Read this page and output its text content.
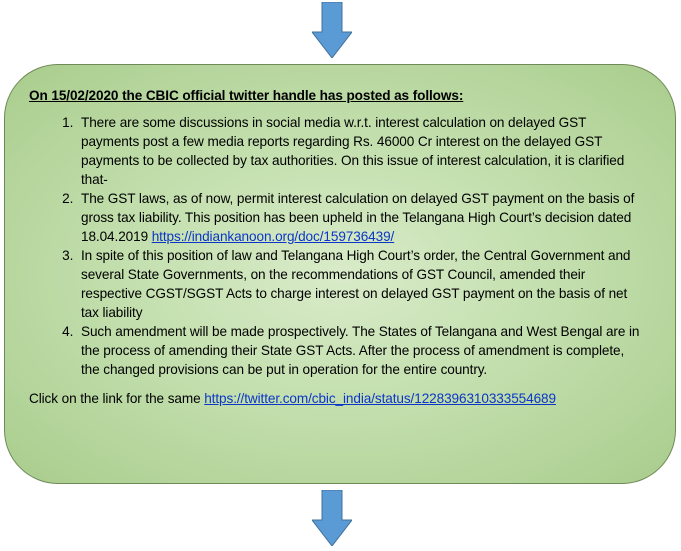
On 15/02/2020 the CBIC official twitter handle has posted as follows:
1. There are some discussions in social media w.r.t. interest calculation on delayed GST payments post a few media reports regarding Rs. 46000 Cr interest on the delayed GST payments to be collected by tax authorities. On this issue of interest calculation, it is clarified that-
2. The GST laws, as of now, permit interest calculation on delayed GST payment on the basis of gross tax liability. This position has been upheld in the Telangana High Court’s decision dated 18.04.2019 https://indiankanoon.org/doc/159736439/
3. In spite of this position of law and Telangana High Court’s order, the Central Government and several State Governments, on the recommendations of GST Council, amended their respective CGST/SGST Acts to charge interest on delayed GST payment on the basis of net tax liability
4. Such amendment will be made prospectively. The States of Telangana and West Bengal are in the process of amending their State GST Acts. After the process of amendment is complete, the changed provisions can be put in operation for the entire country.
Click on the link for the same https://twitter.com/cbic_india/status/1228396310333554689
